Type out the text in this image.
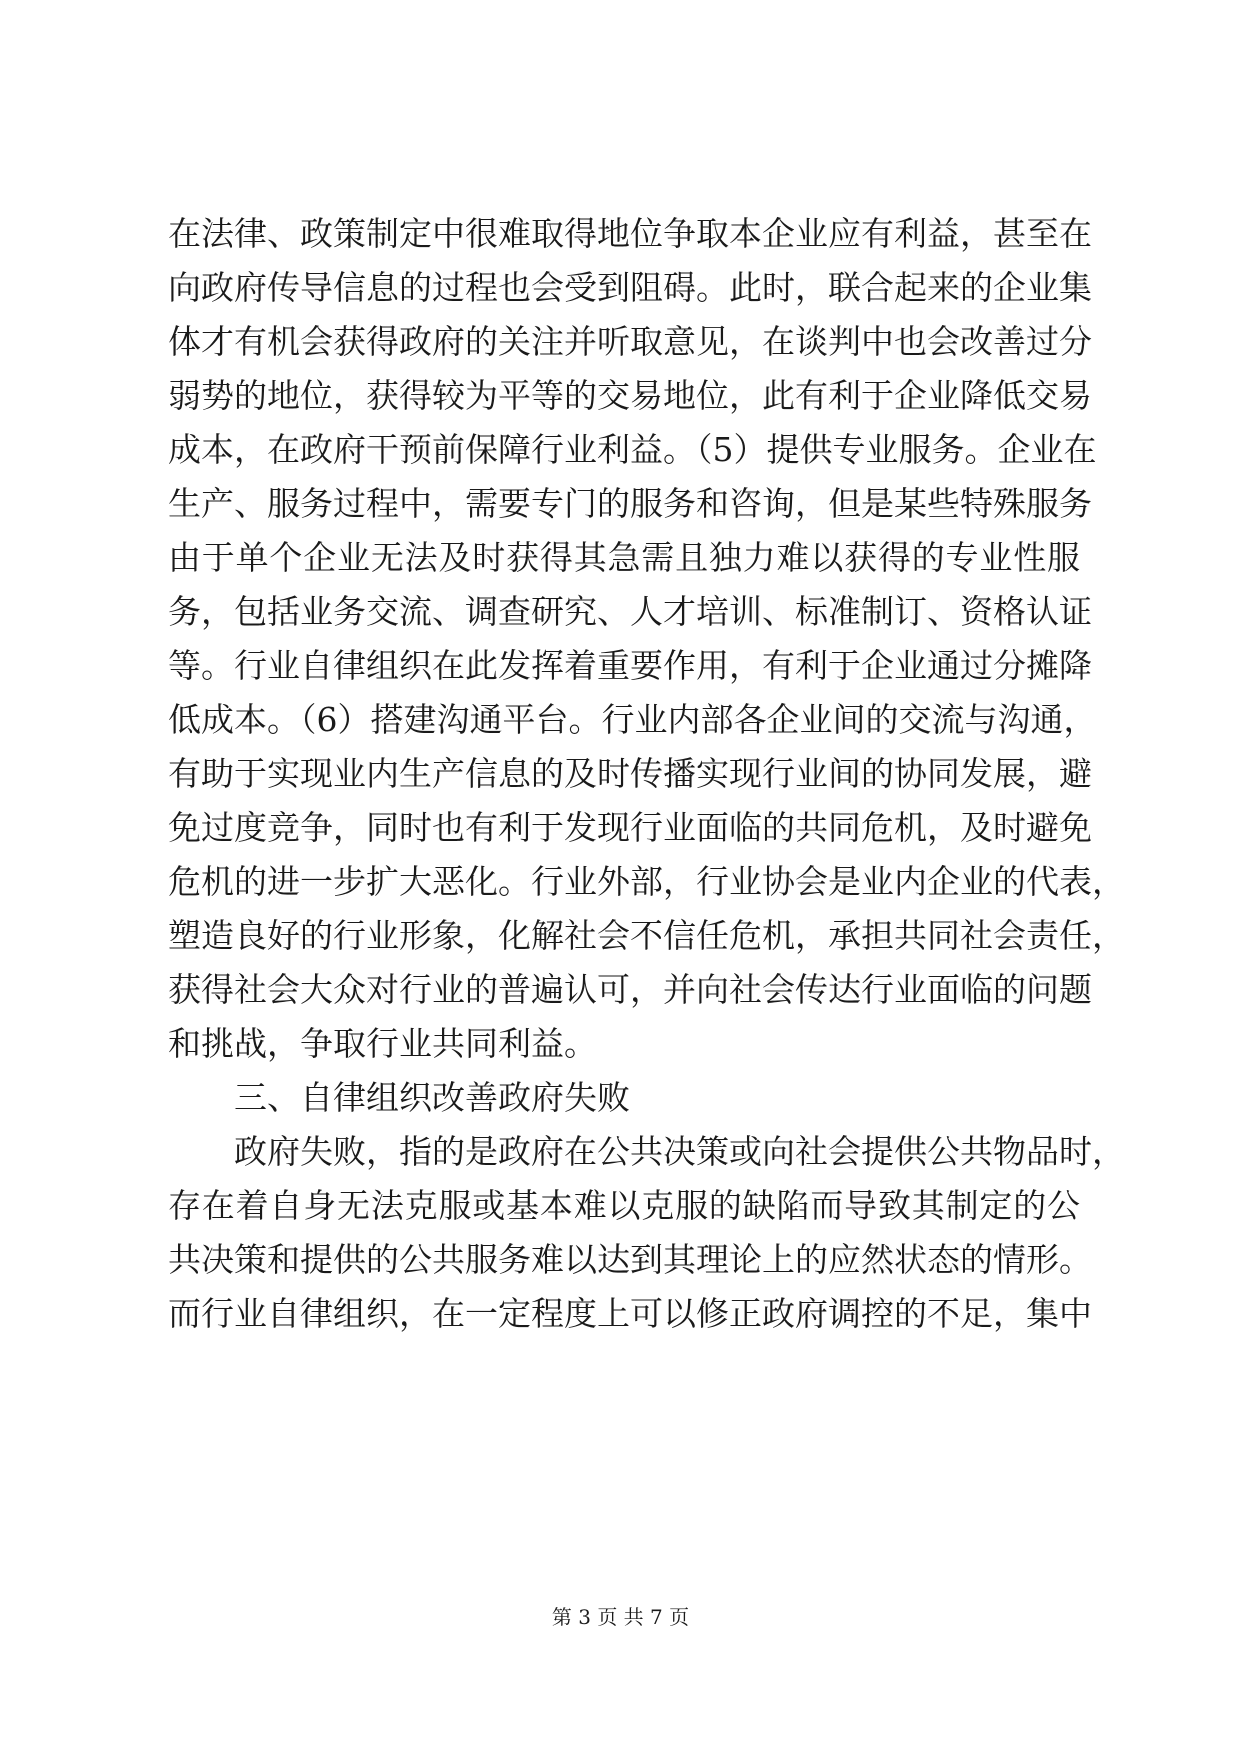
在法律、政策制定中很难取得地位争取本企业应有利益，甚至在
向政府传导信息的过程也会受到阻碍。此时，联合起来的企业集
体才有机会获得政府的关注并听取意见，在谈判中也会改善过分
弱势的地位，获得较为平等的交易地位，此有利于企业降低交易
成本，在政府干预前保障行业利益。（5）提供专业服务。企业在
生产、服务过程中，需要专门的服务和咨询，但是某些特殊服务
由于单个企业无法及时获得其急需且独力难以获得的专业性服
务，包括业务交流、调查研究、人才培训、标准制订、资格认证
等。行业自律组织在此发挥着重要作用，有利于企业通过分摊降
低成本。（6）搭建沟通平台。行业内部各企业间的交流与沟通，
有助于实现业内生产信息的及时传播实现行业间的协同发展，避
免过度竞争，同时也有利于发现行业面临的共同危机，及时避免
危机的进一步扩大恶化。行业外部，行业协会是业内企业的代表，
塑造良好的行业形象，化解社会不信任危机，承担共同社会责任，
获得社会大众对行业的普遍认可，并向社会传达行业面临的问题
和挑战，争取行业共同利益。
三、自律组织改善政府失败
政府失败，指的是政府在公共决策或向社会提供公共物品时，
存在着自身无法克服或基本难以克服的缺陷而导致其制定的公
共决策和提供的公共服务难以达到其理论上的应然状态的情形。
而行业自律组织，在一定程度上可以修正政府调控的不足，集中
第 3 页 共 7 页
